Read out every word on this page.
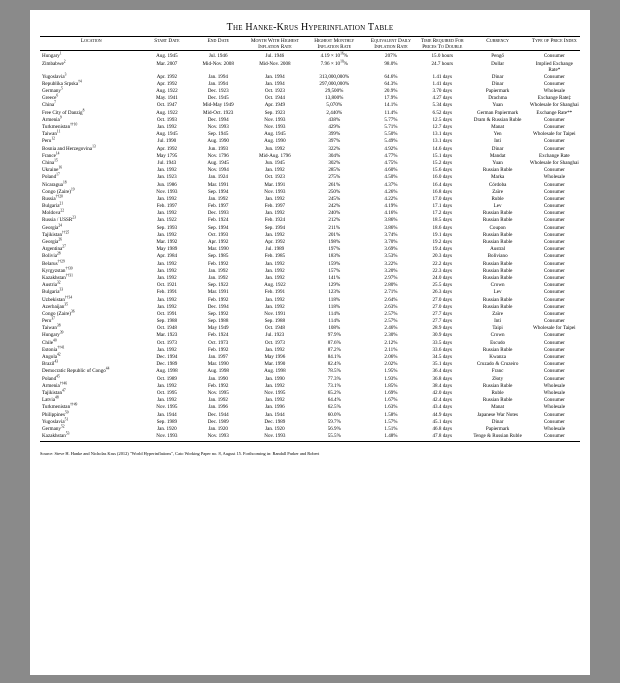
The Hanke-Krus Hyperinflation Table
Location	Start Date	End Date	Month With Highest Inflation Rate	Highest Monthly Inflation Rate	Equivalent Daily Inflation Rate	Time Required For Prices To Double	Currency	Type of Price Index
Hungary$^1$	Aug. 1945	Jul. 1946	Jul. 1946	$4.19 \times 10^{16}\%$	207%	15.0 hours	Pengő	Consumer
Zimbabwe$^2$	Mar. 2007	Mid-Nov. 2008	Mid-Nov. 2008	$7.96 \times 10^{10}\%$	98.0%	24.7 hours	Dollar	Implied Exchange Rate*
Yugoslavia$^3$	Apr. 1992	Jan. 1994	Jan. 1994	313,000,000%	64.6%	1.41 days	Dinar	Consumer
Republika Srpska$^{\dagger 4}$	Apr. 1992	Jan. 1994	Jan. 1994	297,000,000%	64.3%	1.41 days	Dinar	Consumer
Germany$^5$	Aug. 1922	Dec. 1923	Oct. 1923	29,500%	20.9%	3.70 days	Papiermark	Wholesale
Greece$^6$	May. 1941	Dec. 1945	Oct. 1944	13,800%	17.9%	4.27 days	Drachma	Exchange Rate‡
China$^7$	Oct. 1947	Mid-May 1949	Apr. 1949	5,070%	14.1%	5.34 days	Yuan	Wholesale for Shanghai
Free City of Danzig$^8$	Aug. 1922	Mid-Oct. 1923	Sep. 1923	2,440%	11.4%	6.52 days	German Papiermark	Exchange Rate**
Armenia$^9$	Oct. 1993	Dec. 1994	Nov. 1993	438%	5.77%	12.5 days	Dram & Russian Ruble	Consumer
Turkmenistan$^{\dagger\dagger 10}$	Jan. 1992	Nov. 1993	Nov. 1993	429%	5.71%	12.7 days	Manat	Consumer
Taiwan$^{11}$	Aug. 1945	Sep. 1945	Aug. 1945	399%	5.50%	13.1 days	Yen	Wholesale for Taipei
Peru$^{12}$	Jul. 1990	Aug. 1990	Aug. 1990	397%	5.49%	13.1 days	Inti	Consumer
Bosnia and Herzegovina$^{13}$	Apr. 1992	Jun. 1993	Jun. 1992	322%	4.92%	14.6 days	Dinar	Consumer
France$^{14}$	May 1795	Nov. 1796	Mid-Aug. 1796	304%	4.77%	15.1 days	Mandat	Exchange Rate
China$^{15}$	Jul. 1943	Aug. 1945	Jun. 1945	302%	4.75%	15.2 days	Yuan	Wholesale for Shanghai
Ukraine$^{16}$	Jan. 1992	Nov. 1994	Jan. 1992	285%	4.60%	15.6 days	Russian Ruble	Consumer
Poland$^{17}$	Jan. 1923	Jan. 1924	Oct. 1923	275%	4.50%	16.0 days	Marka	Wholesale
Nicaragua$^{18}$	Jun. 1986	Mar. 1991	Mar. 1991	261%	4.37%	16.4 days	Córdoba	Consumer
Congo (Zaire)$^{19}$	Nov. 1993	Sep. 1994	Nov. 1993	250%	4.26%	16.8 days	Zaïre	Consumer
Russia$^{\dagger\dagger 20}$	Jan. 1992	Jan. 1992	Jan. 1992	245%	4.22%	17.0 days	Ruble	Consumer
Bulgaria$^{21}$	Feb. 1997	Feb. 1997	Feb. 1997	242%	4.19%	17.1 days	Lev	Consumer
Moldova$^{22}$	Jan. 1992	Dec. 1993	Jan. 1992	240%	4.16%	17.2 days	Russian Ruble	Consumer
Russia / USSR$^{23}$	Jan. 1922	Feb. 1924	Feb. 1924	212%	3.86%	18.5 days	Russian Ruble	Consumer
Georgia$^{24}$	Sep. 1993	Sep. 1994	Sep. 1994	211%	3.86%	18.6 days	Coupon	Consumer
Tajikistan$^{\dagger\dagger 25}$	Jan. 1992	Oct. 1993	Jan. 1992	201%	3.74%	19.1 days	Russian Ruble	Consumer
Georgia$^{26}$	Mar. 1992	Apr. 1992	Apr. 1992	198%	3.70%	19.2 days	Russian Ruble	Consumer
Argentina$^{27}$	May 1989	Mar. 1990	Jul. 1989	197%	3.69%	19.4 days	Austral	Consumer
Bolivia$^{28}$	Apr. 1984	Sep. 1985	Feb. 1985	183%	3.53%	20.3 days	Boliviano	Consumer
Belarus$^{\dagger\dagger 29}$	Jan. 1992	Feb. 1992	Jan. 1992	159%	3.22%	22.2 days	Russian Ruble	Consumer
Kyrgyzstan$^{\dagger\dagger 30}$	Jan. 1992	Jan. 1992	Jan. 1992	157%	3.20%	22.3 days	Russian Ruble	Consumer
Kazakhstan$^{\dagger\dagger 31}$	Jan. 1992	Jan. 1992	Jan. 1992	141%	2.97%	24.0 days	Russian Ruble	Consumer
Austria$^{32}$	Oct. 1921	Sep. 1922	Aug. 1922	129%	2.80%	25.5 days	Crown	Consumer
Bulgaria$^{33}$	Feb. 1991	Mar. 1991	Feb. 1991	123%	2.71%	26.3 days	Lev	Consumer
Uzbekistan$^{\dagger\dagger 34}$	Jan. 1992	Feb. 1992	Jan. 1992	118%	2.64%	27.0 days	Russian Ruble	Consumer
Azerbaijan$^{35}$	Jan. 1992	Dec. 1994	Jan. 1992	118%	2.63%	27.0 days	Russian Ruble	Consumer
Congo (Zaire)$^{36}$	Oct. 1991	Sep. 1992	Nov. 1991	114%	2.57%	27.7 days	Zaïre	Consumer
Peru$^{37}$	Sep. 1988	Sep. 1988	Sep. 1988	114%	2.57%	27.7 days	Inti	Consumer
Taiwan$^{38}$	Oct. 1948	May 1949	Oct. 1948	108%	2.46%	28.9 days	Taipi	Wholesale for Taipei
Hungary$^{39}$	Mar. 1923	Feb. 1924	Jul. 1923	97.9%	2.30%	30.9 days	Crown	Consumer
Chile$^{40}$	Oct. 1973	Oct. 1973	Oct. 1973	87.6%	2.12%	33.5 days	Escudo	Consumer
Estonia$^{\dagger\dagger 41}$	Jan. 1992	Feb. 1992	Jan. 1992	87.2%	2.11%	33.6 days	Russian Ruble	Consumer
Angola$^{42}$	Dec. 1994	Jan. 1997	May 1996	84.1%	2.06%	34.5 days	Kwanza	Consumer
Brazil$^{43}$	Dec. 1989	Mar. 1990	Mar. 1990	82.4%	2.02%	35.1 days	Cruzado & Cruzeiro	Consumer
Democratic Republic of Congo$^{44}$	Aug. 1998	Aug. 1998	Aug. 1998	78.5%	1.95%	36.4 days	Franc	Consumer
Poland$^{45}$	Oct. 1989	Jan. 1990	Jan. 1990	77.3%	1.93%	36.8 days	Złoty	Consumer
Armenia$^{\dagger\dagger 46}$	Jan. 1992	Feb. 1992	Jan. 1992	73.1%	1.85%	38.4 days	Russian Ruble	Wholesale
Tajikistan$^{47}$	Oct. 1995	Nov. 1995	Nov. 1995	65.2%	1.69%	42.0 days	Ruble	Wholesale
Latvia$^{48}$	Jan. 1992	Jan. 1992	Jan. 1992	64.4%	1.67%	42.4 days	Russian Ruble	Consumer
Turkmenistan$^{\dagger\dagger 49}$	Nov. 1995	Jan. 1996	Jan. 1996	62.5%	1.63%	43.4 days	Manat	Wholesale
Philippines$^{50}$	Jan. 1944	Dec. 1944	Jan. 1944	60.0%	1.58%	44.9 days	Japanese War Notes	Consumer
Yugoslavia$^{51}$	Sep. 1989	Dec. 1989	Dec. 1989	59.7%	1.57%	45.1 days	Dinar	Consumer
Germany$^{52}$	Jan. 1920	Jan. 1920	Jan. 1920	56.9%	1.51%	46.8 days	Papiermark	Wholesale
Kazakhstan$^{53}$	Nov. 1993	Nov. 1993	Nov. 1993	55.5%	1.48%	47.8 days	Tenge & Russian Ruble	Consumer

Source: Steve H. Hanke and Nicholas Krus (2012) "World Hyperinflations", Cato Working Paper no. 8, August 15. Forthcoming in: Randall Parker and Robert
